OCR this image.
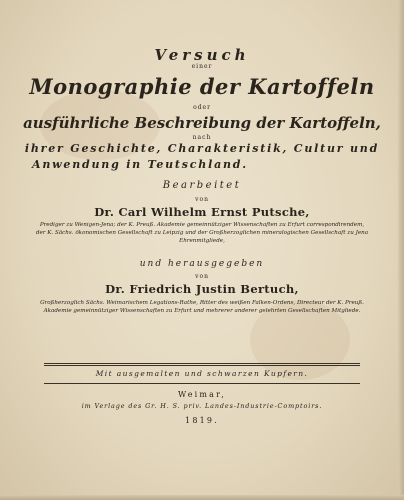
Versuch

einer

Monographie der Kartoffeln

oder

ausführliche Beschreibung der Kartoffeln,

nach

ihrer Geschichte, Charakteristik, Cultur und

Anwendung in Teutschland.

Bearbeitet

von

Dr. Carl Wilhelm Ernst Putsche,

Prediger zu Wenigen-Jena; der K. Preuß. Akademie gemeinnütziger Wissenschaften zu Erfurt correspondirendem,
der K. Sächs. ökonomischen Gesellschaft zu Leipzig und der Großherzoglichen mineralogischen Gesellschaft zu Jena
Ehrenmitgliede,

und herausgegeben

von

Dr. Friedrich Justin Bertuch,

Großherzoglich Sächs. Weimarischem Legations-Rathe, Ritter des weißen Falken-Ordens, Directeur der K. Preuß.
Akademie gemeinnütziger Wissenschaften zu Erfurt und mehrerer anderer gelehrten Gesellschaften Mitgliede.

Mit ausgemalten und schwarzen Kupfern.

Weimar,

im Verlage des Gr. H. S. priv. Landes-Industrie-Comptoirs.

1819.
